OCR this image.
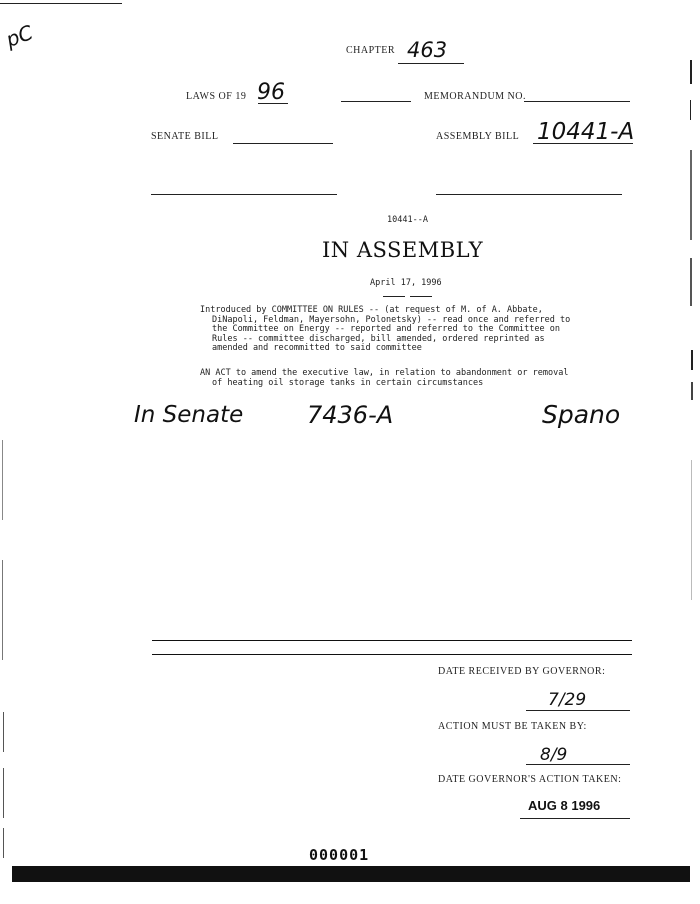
pC	CHAPTER 463
LAWS OF 19 96	MEMORANDUM NO.
SENATE BILL	ASSEMBLY BILL 10441-A
10441--A
IN ASSEMBLY
April 17, 1996
Introduced by COMMITTEE ON RULES -- (at request of M. of A. Abbate,
DiNapoli, Feldman, Mayersohn, Polonetsky) -- read once and referred to
the Committee on Energy -- reported and referred to the Committee on
Rules -- committee discharged, bill amended, ordered reprinted as
amended and recommitted to said committee
AN ACT to amend the executive law, in relation to abandonment or removal
of heating oil storage tanks in certain circumstances
In Senate	7436-A	Spano
DATE RECEIVED BY GOVERNOR:
7/29
ACTION MUST BE TAKEN BY:
8/9
DATE GOVERNOR'S ACTION TAKEN:
AUG 8 1996
000001
